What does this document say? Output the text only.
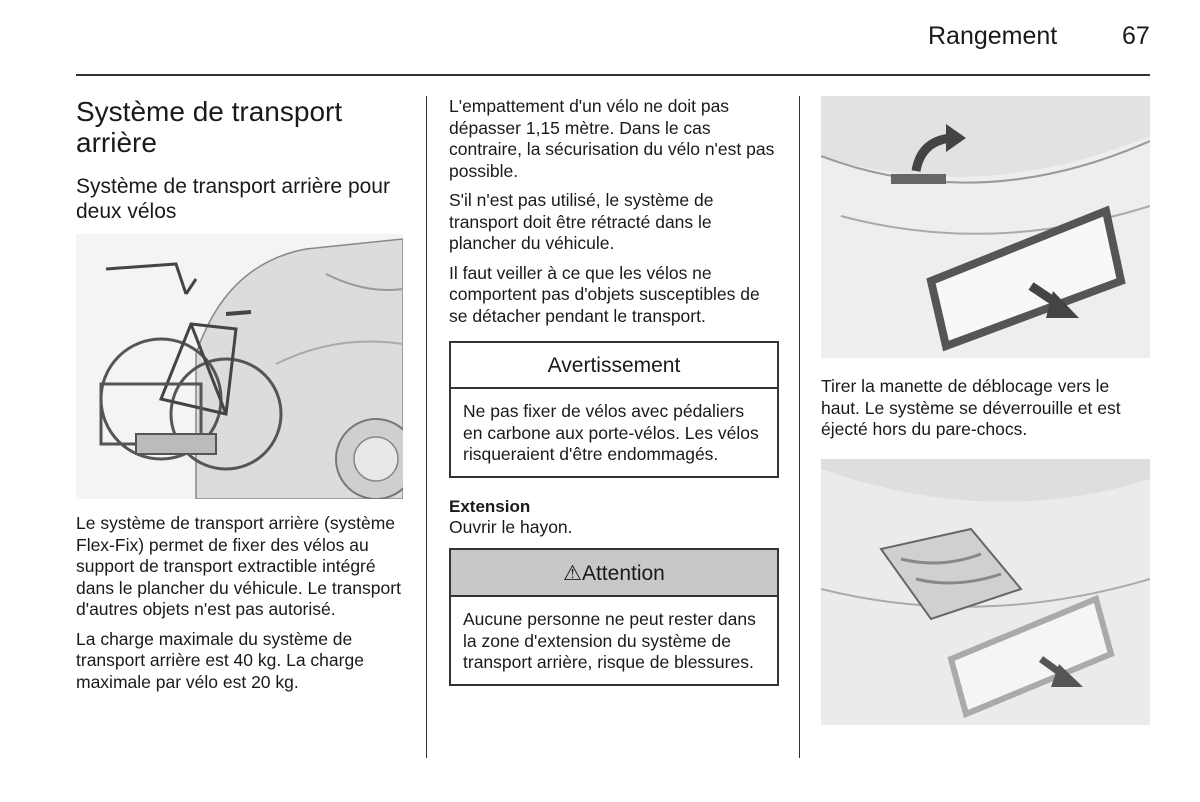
Rangement	67
Système de transport arrière
Système de transport arrière pour deux vélos

Le système de transport arrière (système Flex-Fix) permet de fixer des vélos au support de transport extractible intégré dans le plancher du véhicule. Le transport d'autres objets n'est pas autorisé.

La charge maximale du système de transport arrière est 40 kg. La charge maximale par vélo est 20 kg.

L'empattement d'un vélo ne doit pas dépasser 1,15 mètre. Dans le cas contraire, la sécurisation du vélo n'est pas possible.

S'il n'est pas utilisé, le système de transport doit être rétracté dans le plancher du véhicule.

Il faut veiller à ce que les vélos ne comportent pas d'objets susceptibles de se détacher pendant le transport.

Avertissement
Ne pas fixer de vélos avec pédaliers en carbone aux porte-vélos. Les vélos risqueraient d'être endommagés.
Extension

Ouvrir le hayon.

⚠Attention
Aucune personne ne peut rester dans la zone d'extension du système de transport arrière, risque de blessures.

Tirer la manette de déblocage vers le haut. Le système se déverrouille et est éjecté hors du pare-chocs.
